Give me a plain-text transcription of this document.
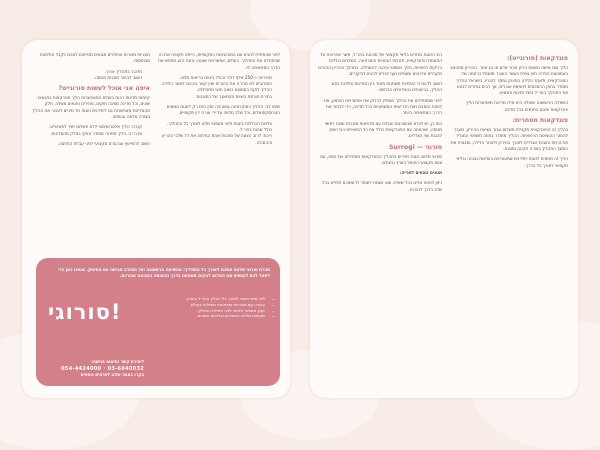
לפני שהתחילו להגיע עם הסורוגיטות המקומיות, הייתה תקופה ארוכה שהתחלנו את התהליך. בעולם, אפשרויות שונות, וכעת הזוג מחפש את הדרך המתאימה לו.

• מחירים: כ-250 אלף דולר וכולל ביטוח בריאות מלא.
• הסורוגייט לא מכירה את ההורים ואין קשר ביניהם לאחר הלידה.
• ההליך לוקח בממוצע כשנה וחצי מתחילתו.
• בחירת תורמת ביציות מהמאגר של הסוכנות.

שימו לב: ההליך באוקראינה וגאורגיה זמין כיום רק לזוגות נשואים הטרוסקסואלים, וכל שלב מלווה על ידי עורכי דין מקומיים.

• עלויות הכוללות ביטוח וליווי משפטי מלא לאורך כל התהליך, כולל שהות בחו״ל.
• ריכוז: לרוב הצעה של סוכנות אחת המלווה את כל שלבי ההריון וההובלה.

תוכניות מוכרות וטיפולים מגוונים מסייעים לזוגים לקבל החלטות מבוססות.

• מדובר בתהליך ארוך.
• חשוב לבחור סוכנות מנוסה.
איפה אני אוכל לעשות סורוגייט?

קיימות מדינות רבות בעולם המאפשרות הליך פונדקאות בתנאים שונים, וכל מדינה מציגה חוקים, מחירים ותנאים משלה. חלק מהמדינות מאפשרות גם ליחידנים וזוגות חד מיניים לעבור את ההליך בצורה מלאה ובטוחה.

• קנדה: הליך אלטרואיסטי ללא תשלום ישיר לסורוגייט.
• ארה״ב: הליך מסחרי מוסדר וחוקי בחלק מהמדינות.

חשוב להתייעץ עם גורם מקצועי לפני קבלת החלטה.

חברת סורוגי מלווה אתכם לאורך כל התהליך: מהשיחה הראשונה ועד החזרה הביתה עם התינוק. אנחנו כאן כדי לעזור לכם להגשים את החלום להקים משפחה בדרך הבטוחה והנכונה עבורכם.
סורוגי!
• ליווי אישי וצמוד לאורך כל ההליך בחו״ל ובארץ.
• עבודה עם סוכנויות ומרפאות מובילות בעולם.
• ייעוץ משפטי ורפואי לפני תחילת התהליך.
• שקיפות מלאה במחירים ובלוחות הזמנים.
ליצירת קשר ותיאום פגישה:
03-6040032 · 054-4424000
בקרו באתר שלנו לפרטים נוספים
פונדקאות (סורוגייט):

הליך שבו אישה נושאת הריון עבור אדם או זוג אחר. ההיריון מתבצע באמצעות הפריה חוץ גופית כאשר העובר מושתל ברחמה של הפונדקאית, ולאחר הלידה התינוק נמסר להוריו. בישראל ההליך מוסדר בחוק ההסכמים לנשיאת עוברים, אך רבים בוחרים לבצע את התהליך בחו״ל בשל זמינות ותנאים.

השאלה הראשונה שעולה היא אילו מדינות מאפשרות הליך פונדקאות ומהם התנאים בכל מדינה.

פונדקאות מסחרית:

בהליך זה הפונדקאית מקבלת תשלום עבור נשיאת ההיריון, מעבר להחזר ההוצאות הרפואיות. ההליך מוסדר בחוזה משפטי המגדיר את זכויות וחובות הצדדים לאורך ההיריון ולאחר הלידה, ומבטיח את המשך התהליך בצורה תקינה ומוגנת.

הליך זה מתאים לזוגות ויחידנים שמעוניינים בוודאות גבוהה ובליווי מקצועי לאורך כל הדרך.

רוב הזוגות בוחרים בליווי מקצועי של סוכנות בחו״ל, אשר אחראית על התאמת הפונדקאית, תורמת הביציות והמרפאה. השלבים כוללים בדיקות רפואיות, הליך משפטי והכנה להשתלה. במהלך ההיריון ההורים מקבלים עדכונים שוטפים ואף יכולים להגיע לביקורים.

חשוב לדעת כי העלויות משתנות מאוד בין המדינות ותלויות בסוג ההליך, בביטוחים ובשירותים הנלווים.

לפני שמתחילים את ההליך מומלץ לבדוק את אפשרויות המימון, את לוחות הזמנים ואת הדרישות המשפטיות בכל מדינה, כדי לבחור את הדרך המתאימה ביותר.

כמו כן, יש לוודא שהסוכנות עובדת עם מרפאות מוכרות וצוות רפואי מנוסה, ושהחוזה עם הפונדקאית כולל את כל הסעיפים הנדרשים להגנת שני הצדדים.

סורוגי — Surrogi

סורוגי מלווה זוגות ויחידים בתהליך הפונדקאות מתחילתו ועד סופו, עם צוות מקצועי הפועל בארץ ובעולם.

תנאים נוספים לפנייה:

ניתן לפנות אלינו בכל שאלה ואנו נשמח לעמוד לרשותכם ולסייע בכל שלב בדרך להורות.
